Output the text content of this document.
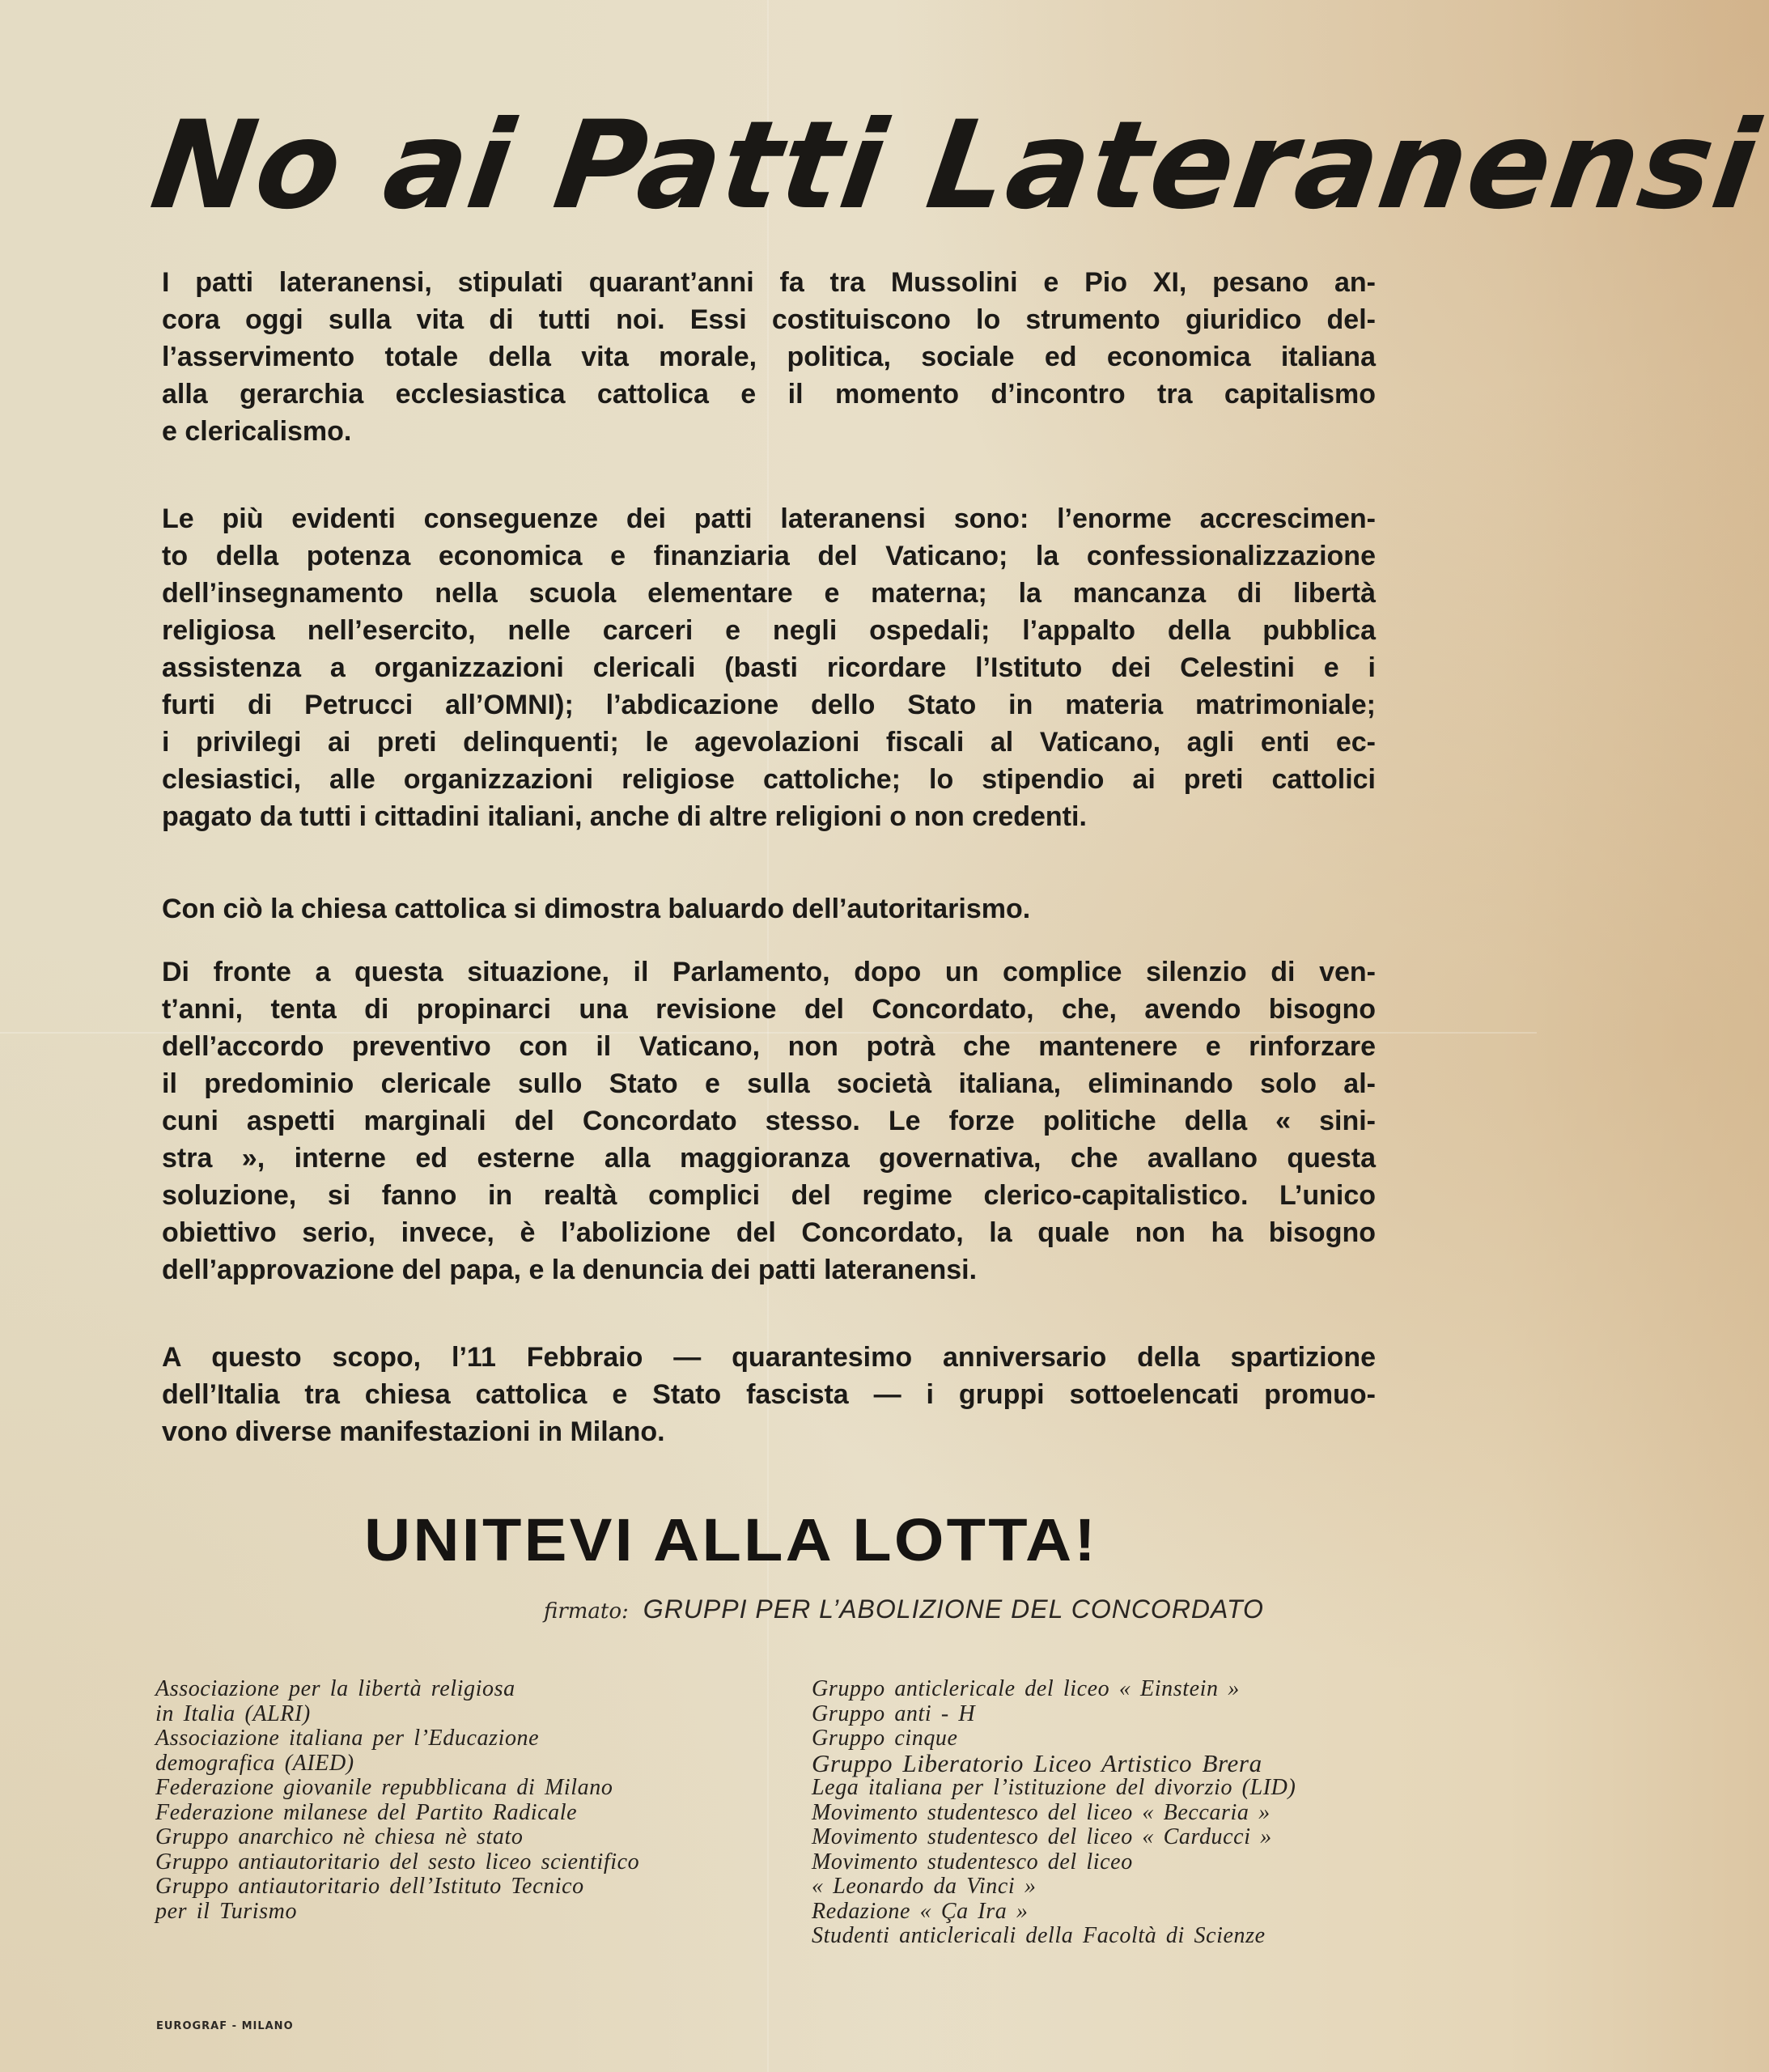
No ai Patti Lateranensi
I patti lateranensi, stipulati quarant’anni fa tra Mussolini e Pio XI, pesano an-
cora oggi sulla vita di tutti noi. Essi costituiscono lo strumento giuridico del-
l’asservimento totale della vita morale, politica, sociale ed economica italiana
alla gerarchia ecclesiastica cattolica e il momento d’incontro tra capitalismo
e clericalismo.
Le più evidenti conseguenze dei patti lateranensi sono: l’enorme accrescimen-
to della potenza economica e finanziaria del Vaticano; la confessionalizzazione
dell’insegnamento nella scuola elementare e materna; la mancanza di libertà
religiosa nell’esercito, nelle carceri e negli ospedali; l’appalto della pubblica
assistenza a organizzazioni clericali (basti ricordare l’Istituto dei Celestini e i
furti di Petrucci all’OMNI); l’abdicazione dello Stato in materia matrimoniale;
i privilegi ai preti delinquenti; le agevolazioni fiscali al Vaticano, agli enti ec-
clesiastici, alle organizzazioni religiose cattoliche; lo stipendio ai preti cattolici
pagato da tutti i cittadini italiani, anche di altre religioni o non credenti.
Con ciò la chiesa cattolica si dimostra baluardo dell’autoritarismo.
Di fronte a questa situazione, il Parlamento, dopo un complice silenzio di ven-
t’anni, tenta di propinarci una revisione del Concordato, che, avendo bisogno
dell’accordo preventivo con il Vaticano, non potrà che mantenere e rinforzare
il predominio clericale sullo Stato e sulla società italiana, eliminando solo al-
cuni aspetti marginali del Concordato stesso. Le forze politiche della « sini-
stra », interne ed esterne alla maggioranza governativa, che avallano questa
soluzione, si fanno in realtà complici del regime clerico-capitalistico. L’unico
obiettivo serio, invece, è l’abolizione del Concordato, la quale non ha bisogno
dell’approvazione del papa, e la denuncia dei patti lateranensi.
A questo scopo, l’11 Febbraio — quarantesimo anniversario della spartizione
dell’Italia tra chiesa cattolica e Stato fascista — i gruppi sottoelencati promuo-
vono diverse manifestazioni in Milano.
UNITEVI ALLA LOTTA!
firmato: GRUPPI PER L’ABOLIZIONE DEL CONCORDATO
Associazione per la libertà religiosa
in Italia (ALRI)
Associazione italiana per l’Educazione
demografica (AIED)
Federazione giovanile repubblicana di Milano
Federazione milanese del Partito Radicale
Gruppo anarchico nè chiesa nè stato
Gruppo antiautoritario del sesto liceo scientifico
Gruppo antiautoritario dell’Istituto Tecnico
per il Turismo
Gruppo anticlericale del liceo « Einstein »
Gruppo anti - H
Gruppo cinque
Gruppo Liberatorio Liceo Artistico Brera
Lega italiana per l’istituzione del divorzio (LID)
Movimento studentesco del liceo « Beccaria »
Movimento studentesco del liceo « Carducci »
Movimento studentesco del liceo
« Leonardo da Vinci »
Redazione « Ça Ira »
Studenti anticlericali della Facoltà di Scienze
EUROGRAF - MILANO
